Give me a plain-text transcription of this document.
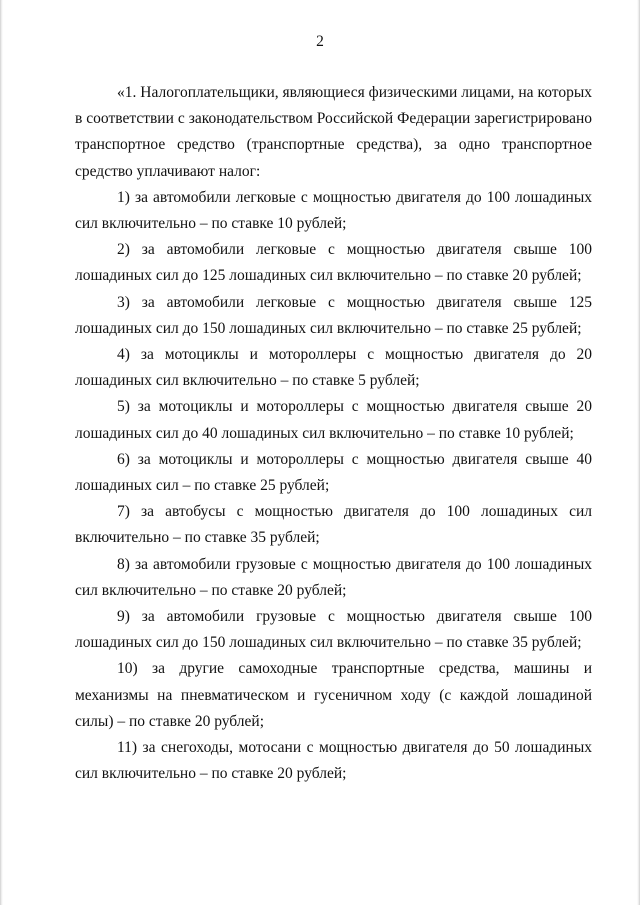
2

«1. Налогоплательщики, являющиеся физическими лицами, на которых в соответствии с законодательством Российской Федерации зарегистрировано транспортное средство (транспортные средства), за одно транспортное средство уплачивают налог:

1) за автомобили легковые с мощностью двигателя до 100 лошадиных сил включительно – по ставке 10 рублей;

2) за автомобили легковые с мощностью двигателя свыше 100 лошадиных сил до 125 лошадиных сил включительно – по ставке 20 рублей;

3) за автомобили легковые с мощностью двигателя свыше 125 лошадиных сил до 150 лошадиных сил включительно – по ставке 25 рублей;

4) за мотоциклы и мотороллеры с мощностью двигателя до 20 лошадиных сил включительно – по ставке 5 рублей;

5) за мотоциклы и мотороллеры с мощностью двигателя свыше 20 лошадиных сил до 40 лошадиных сил включительно – по ставке 10 рублей;

6) за мотоциклы и мотороллеры с мощностью двигателя свыше 40 лошадиных сил – по ставке 25 рублей;

7) за автобусы с мощностью двигателя до 100 лошадиных сил включительно – по ставке 35 рублей;

8) за автомобили грузовые с мощностью двигателя до 100 лошадиных сил включительно – по ставке 20 рублей;

9) за автомобили грузовые с мощностью двигателя свыше 100 лошадиных сил до 150 лошадиных сил включительно – по ставке 35 рублей;

10) за другие самоходные транспортные средства, машины и механизмы на пневматическом и гусеничном ходу (с каждой лошадиной силы) – по ставке 20 рублей;

11) за снегоходы, мотосани с мощностью двигателя до 50 лошадиных сил включительно – по ставке 20 рублей;
